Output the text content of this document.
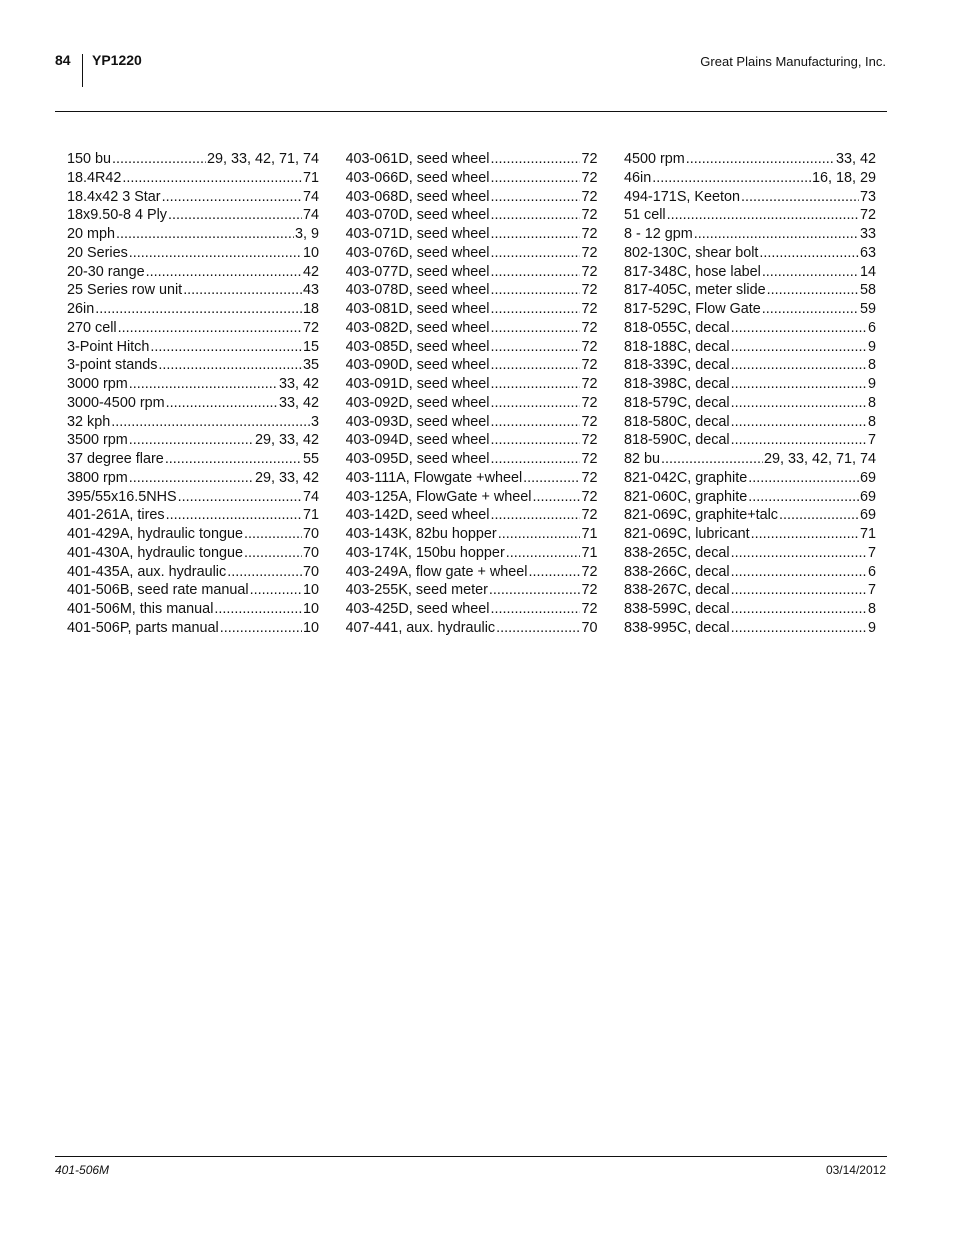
84 YP1220	Great Plains Manufacturing, Inc.
150 bu .....	29, 33, 42, 71, 74
18.4R42 .....	71
18.4x42 3 Star .....	74
18x9.50-8 4 Ply .....	74
20 mph .....	3, 9
20 Series .....	10
20-30 range .....	42
25 Series row unit .....	43
26in .....	18
270 cell .....	72
3-Point Hitch .....	15
3-point stands .....	35
3000 rpm .....	33, 42
3000-4500 rpm .....	33, 42
32 kph .....	3
3500 rpm .....	29, 33, 42
37 degree flare .....	55
3800 rpm .....	29, 33, 42
395/55x16.5NHS .....	74
401-261A, tires .....	71
401-429A, hydraulic tongue .....	70
401-430A, hydraulic tongue .....	70
401-435A, aux. hydraulic .....	70
401-506B, seed rate manual .....	10
401-506M, this manual .....	10
401-506P, parts manual .....	10
403-061D, seed wheel .....	72
403-066D, seed wheel .....	72
403-068D, seed wheel .....	72
403-070D, seed wheel .....	72
403-071D, seed wheel .....	72
403-076D, seed wheel .....	72
403-077D, seed wheel .....	72
403-078D, seed wheel .....	72
403-081D, seed wheel .....	72
403-082D, seed wheel .....	72
403-085D, seed wheel .....	72
403-090D, seed wheel .....	72
403-091D, seed wheel .....	72
403-092D, seed wheel .....	72
403-093D, seed wheel .....	72
403-094D, seed wheel .....	72
403-095D, seed wheel .....	72
403-111A, Flowgate +wheel .....	72
403-125A, FlowGate + wheel .....	72
403-142D, seed wheel .....	72
403-143K, 82bu hopper .....	71
403-174K, 150bu hopper .....	71
403-249A, flow gate + wheel .....	72
403-255K, seed meter .....	72
403-425D, seed wheel .....	72
407-441, aux. hydraulic .....	70
4500 rpm .....	33, 42
46in .....	16, 18, 29
494-171S, Keeton .....	73
51 cell .....	72
8 - 12 gpm .....	33
802-130C, shear bolt .....	63
817-348C, hose label .....	14
817-405C, meter slide .....	58
817-529C, Flow Gate .....	59
818-055C, decal .....	6
818-188C, decal .....	9
818-339C, decal .....	8
818-398C, decal .....	9
818-579C, decal .....	8
818-580C, decal .....	8
818-590C, decal .....	7
82 bu .....	29, 33, 42, 71, 74
821-042C, graphite .....	69
821-060C, graphite .....	69
821-069C, graphite+talc .....	69
821-069C, lubricant .....	71
838-265C, decal .....	7
838-266C, decal .....	6
838-267C, decal .....	7
838-599C, decal .....	8
838-995C, decal .....	9
401-506M	03/14/2012
